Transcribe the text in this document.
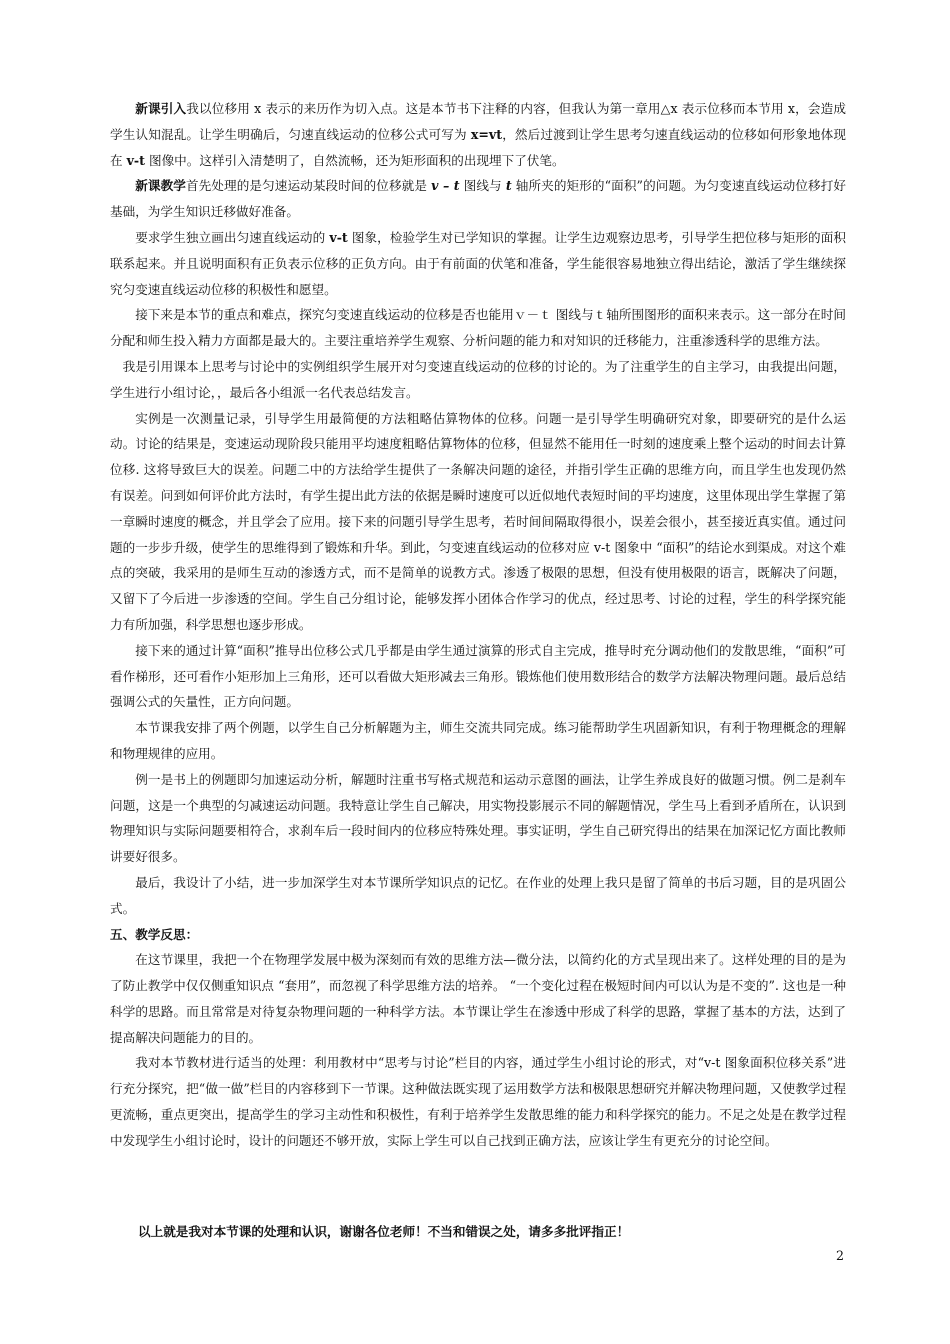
新课引入我以位移用 x 表示的来历作为切入点。这是本节书下注释的内容，但我认为第一章用△x 表示位移而本节用 x，会造成学生认知混乱。让学生明确后，匀速直线运动的位移公式可写为 x=vt，然后过渡到让学生思考匀速直线运动的位移如何形象地体现在 v-t 图像中。这样引入清楚明了，自然流畅，还为矩形面积的出现埋下了伏笔。

新课教学首先处理的是匀速运动某段时间的位移就是 v – t 图线与 t 轴所夹的矩形的“面积”的问题。为匀变速直线运动位移打好基础，为学生知识迁移做好准备。

要求学生独立画出匀速直线运动的 v-t 图象，检验学生对已学知识的掌握。让学生边观察边思考，引导学生把位移与矩形的面积联系起来。并且说明面积有正负表示位移的正负方向。由于有前面的伏笔和准备，学生能很容易地独立得出结论，激活了学生继续探究匀变速直线运动位移的积极性和愿望。

接下来是本节的重点和难点，探究匀变速直线运动的位移是否也能用ｖ－ｔ 图线与ｔ轴所围图形的面积来表示。这一部分在时间分配和师生投入精力方面都是最大的。主要注重培养学生观察、分析问题的能力和对知识的迁移能力，注重渗透科学的思维方法。

我是引用课本上思考与讨论中的实例组织学生展开对匀变速直线运动的位移的讨论的。为了注重学生的自主学习，由我提出问题，学生进行小组讨论，，最后各小组派一名代表总结发言。

实例是一次测量记录，引导学生用最简便的方法粗略估算物体的位移。问题一是引导学生明确研究对象，即要研究的是什么运动。讨论的结果是，变速运动现阶段只能用平均速度粗略估算物体的位移，但显然不能用任一时刻的速度乘上整个运动的时间去计算位移. 这将导致巨大的误差。问题二中的方法给学生提供了一条解决问题的途径，并指引学生正确的思维方向，而且学生也发现仍然有误差。问到如何评价此方法时，有学生提出此方法的依据是瞬时速度可以近似地代表短时间的平均速度，这里体现出学生掌握了第一章瞬时速度的概念，并且学会了应用。接下来的问题引导学生思考，若时间间隔取得很小，误差会很小，甚至接近真实值。通过问题的一步步升级，使学生的思维得到了锻炼和升华。到此，匀变速直线运动的位移对应 v-t 图象中 “面积”的结论水到渠成。对这个难点的突破，我采用的是师生互动的渗透方式，而不是简单的说教方式。渗透了极限的思想，但没有使用极限的语言，既解决了问题，又留下了今后进一步渗透的空间。学生自己分组讨论，能够发挥小团体合作学习的优点，经过思考、讨论的过程，学生的科学探究能力有所加强，科学思想也逐步形成。

接下来的通过计算“面积”推导出位移公式几乎都是由学生通过演算的形式自主完成，推导时充分调动他们的发散思维，“面积”可看作梯形，还可看作小矩形加上三角形，还可以看做大矩形减去三角形。锻炼他们使用数形结合的数学方法解决物理问题。最后总结强调公式的矢量性，正方向问题。

本节课我安排了两个例题，以学生自己分析解题为主，师生交流共同完成。练习能帮助学生巩固新知识，有利于物理概念的理解和物理规律的应用。

例一是书上的例题即匀加速运动分析，解题时注重书写格式规范和运动示意图的画法，让学生养成良好的做题习惯。例二是刹车问题，这是一个典型的匀减速运动问题。我特意让学生自己解决，用实物投影展示不同的解题情况，学生马上看到矛盾所在，认识到物理知识与实际问题要相符合，求刹车后一段时间内的位移应特殊处理。事实证明，学生自己研究得出的结果在加深记忆方面比教师讲要好很多。

最后，我设计了小结，进一步加深学生对本节课所学知识点的记忆。在作业的处理上我只是留了简单的书后习题，目的是巩固公式。

五、教学反思：

在这节课里，我把一个在物理学发展中极为深刻而有效的思维方法—微分法，以简约化的方式呈现出来了。这样处理的目的是为了防止教学中仅仅侧重知识点 “套用”，而忽视了科学思维方法的培养。 “一个变化过程在极短时间内可以认为是不变的”. 这也是一种科学的思路。而且常常是对待复杂物理问题的一种科学方法。本节课让学生在渗透中形成了科学的思路，掌握了基本的方法，达到了提高解决问题能力的目的。

我对本节教材进行适当的处理：利用教材中“思考与讨论”栏目的内容，通过学生小组讨论的形式，对“v-t 图象面积位移关系”进行充分探究，把“做一做”栏目的内容移到下一节课。这种做法既实现了运用数学方法和极限思想研究并解决物理问题，又使教学过程更流畅，重点更突出，提高学生的学习主动性和积极性，有利于培养学生发散思维的能力和科学探究的能力。不足之处是在教学过程中发现学生小组讨论时，设计的问题还不够开放，实际上学生可以自己找到正确方法，应该让学生有更充分的讨论空间。

以上就是我对本节课的处理和认识，谢谢各位老师！不当和错误之处，请多多批评指正！
2
